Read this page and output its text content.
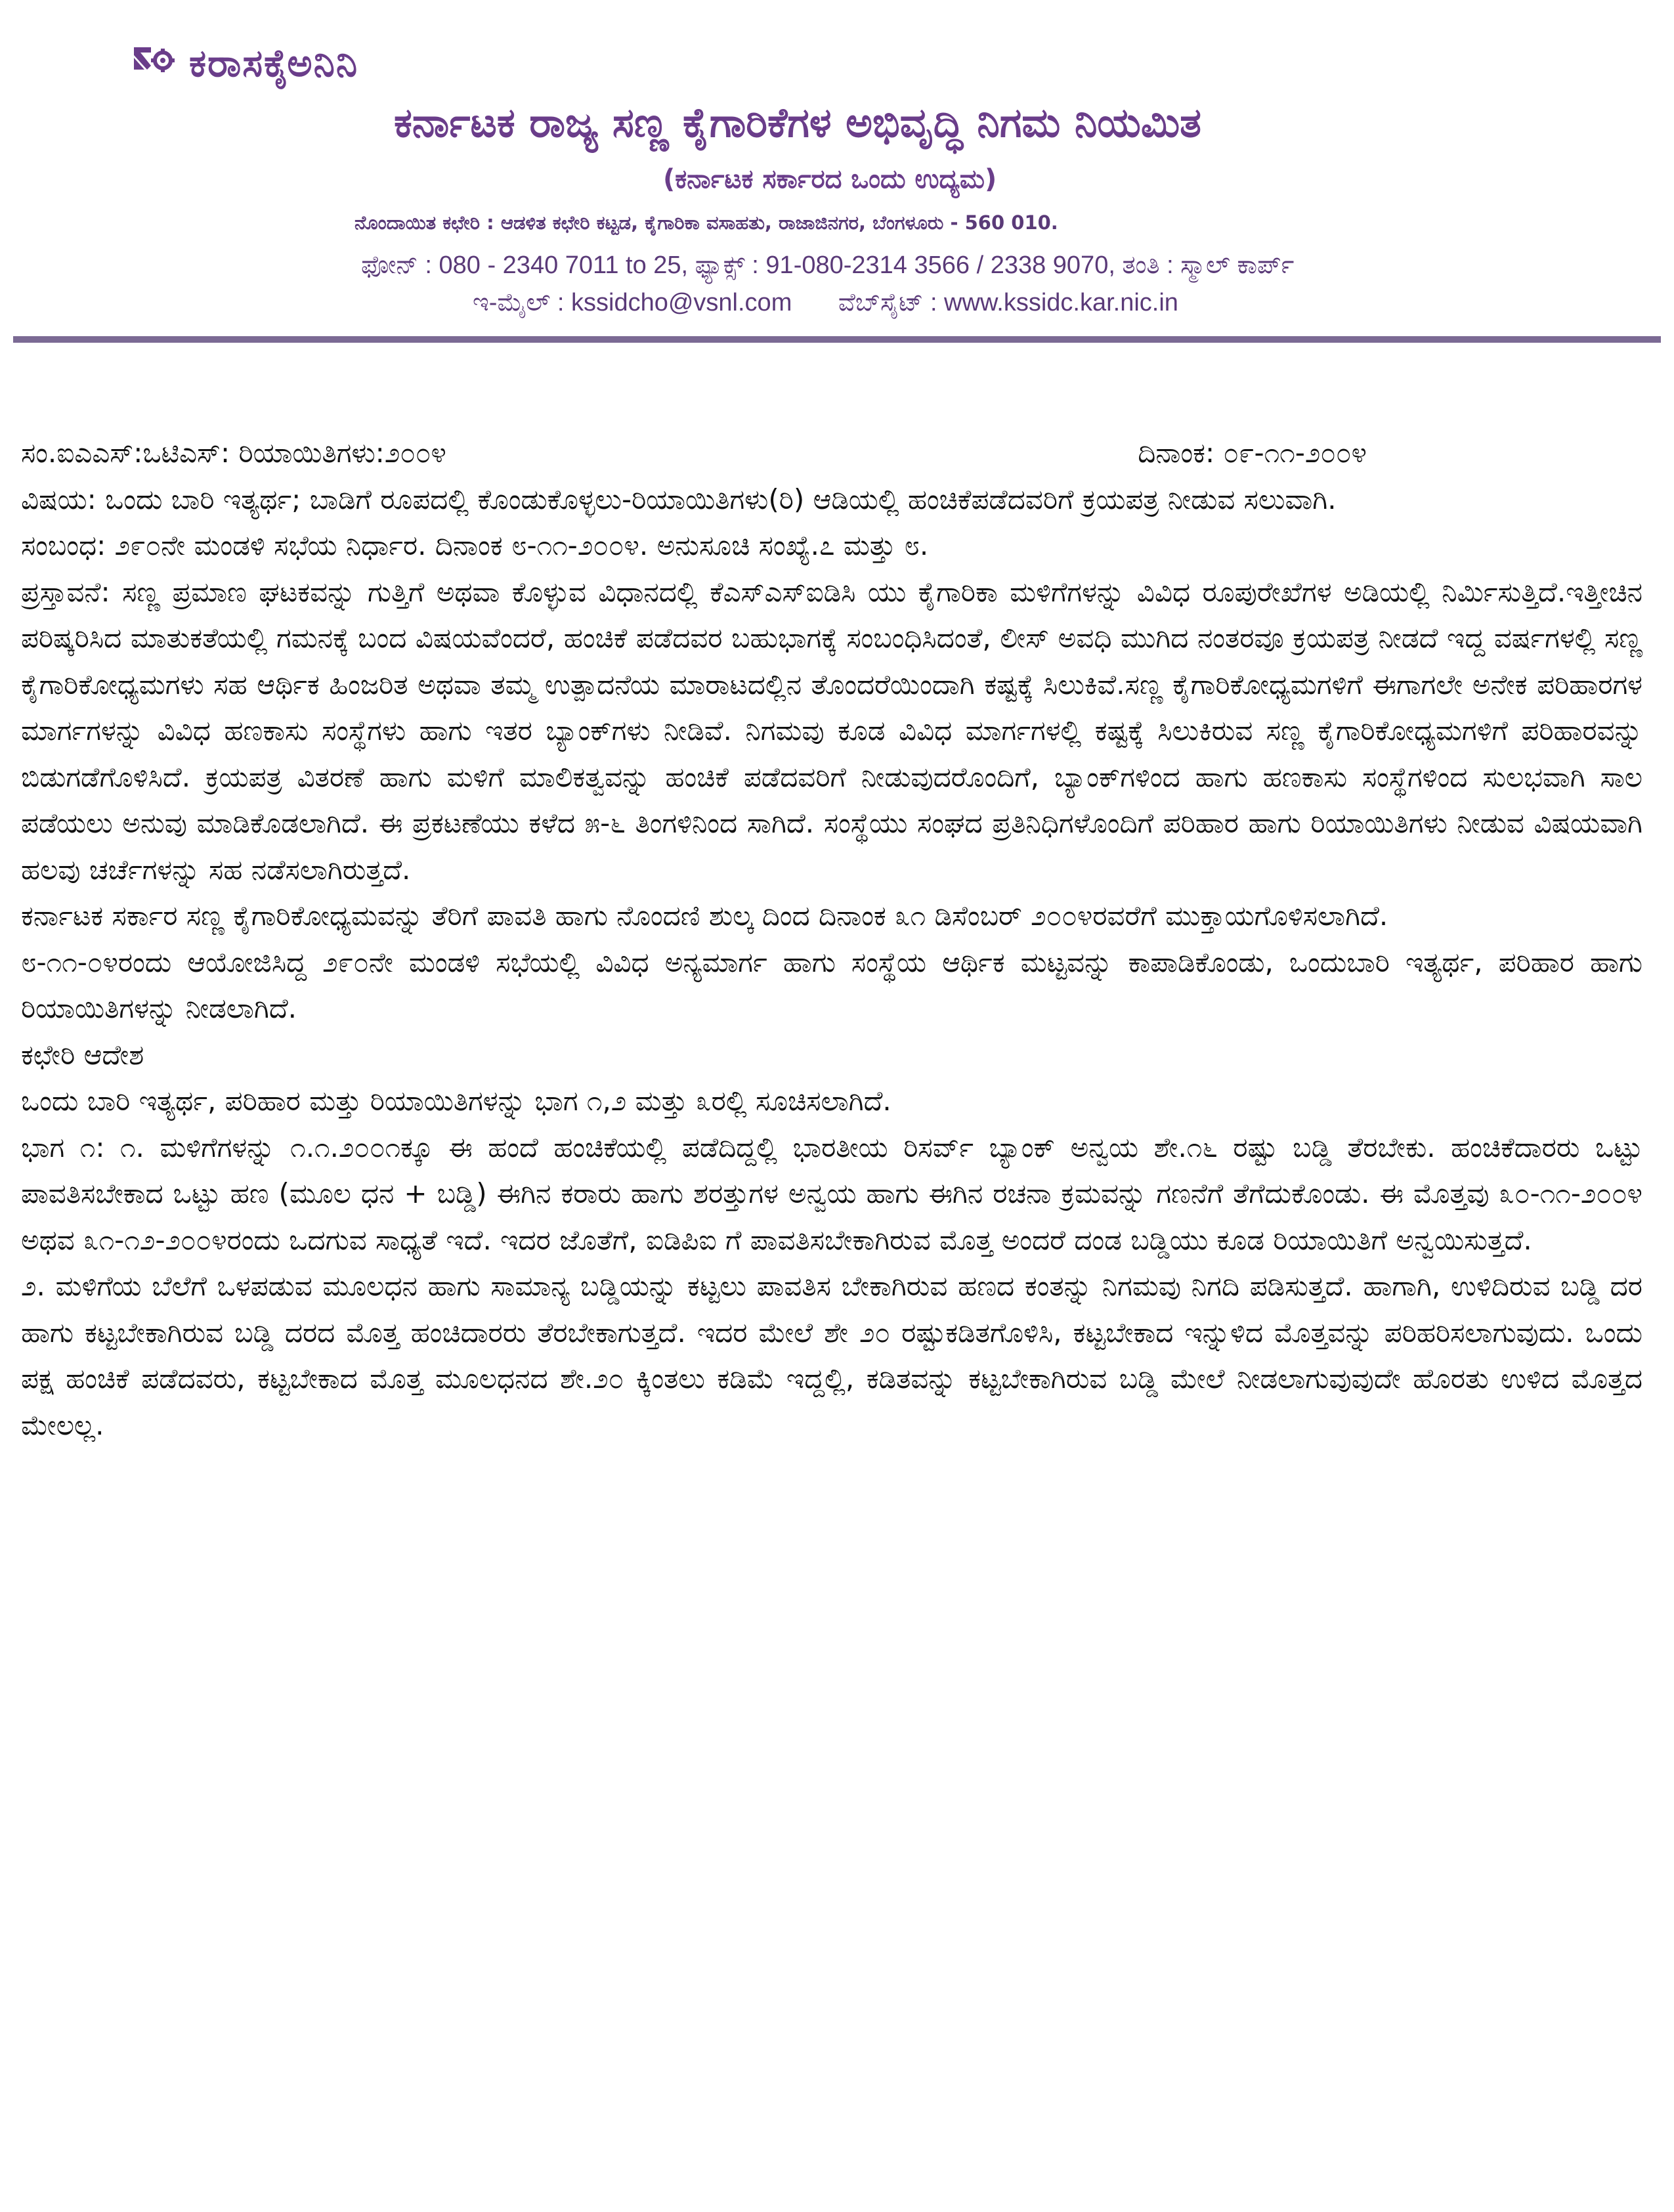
ಕರಾಸಕೈಅನಿನಿ
ಕರ್ನಾಟಕ ರಾಜ್ಯ ಸಣ್ಣ ಕೈಗಾರಿಕೆಗಳ ಅಭಿವೃದ್ಧಿ ನಿಗಮ ನಿಯಮಿತ
(ಕರ್ನಾಟಕ ಸರ್ಕಾರದ ಒಂದು ಉದ್ಯಮ)
ನೊಂದಾಯಿತ ಕಛೇರಿ : ಆಡಳಿತ ಕಛೇರಿ ಕಟ್ಟಡ, ಕೈಗಾರಿಕಾ ವಸಾಹತು, ರಾಜಾಜಿನಗರ, ಬೆಂಗಳೂರು - 560 010.
ಫೋನ್ : 080 - 2340 7011 to 25, ಫ್ಯಾಕ್ಸ್ : 91-080-2314 3566 / 2338 9070, ತಂತಿ : ಸ್ಮಾಲ್ ಕಾರ್ಪ್
ಇ-ಮೈಲ್ : kssidcho@vsnl.com ವೆಬ್‌ಸೈಟ್ : www.kssidc.kar.nic.in
ಸಂ.ಐಎಎಸ್:ಒಟಿಎಸ್: ರಿಯಾಯಿತಿಗಳು:೨೦೦೪	ದಿನಾಂಕ: ೦೯-೧೧-೨೦೦೪

ವಿಷಯ: ಒಂದು ಬಾರಿ ಇತ್ಯರ್ಥ; ಬಾಡಿಗೆ ರೂಪದಲ್ಲಿ ಕೊಂಡುಕೊಳ್ಳಲು-ರಿಯಾಯಿತಿಗಳು(ರಿ) ಆಡಿಯಲ್ಲಿ ಹಂಚಿಕೆಪಡೆದವರಿಗೆ ಕ್ರಯಪತ್ರ ನೀಡುವ ಸಲುವಾಗಿ.

ಸಂಬಂಧ: ೨೯೦ನೇ ಮಂಡಳಿ ಸಭೆಯ ನಿರ್ಧಾರ. ದಿನಾಂಕ ೮-೧೧-೨೦೦೪. ಅನುಸೂಚಿ ಸಂಖ್ಯೆ.೭ ಮತ್ತು ೮.

ಪ್ರಸ್ತಾವನೆ: ಸಣ್ಣ ಪ್ರಮಾಣ ಘಟಕವನ್ನು ಗುತ್ತಿಗೆ ಅಥವಾ ಕೊಳ್ಳುವ ವಿಧಾನದಲ್ಲಿ ಕೆಎಸ್‌ಎಸ್‌ಐಡಿಸಿ ಯು ಕೈಗಾರಿಕಾ ಮಳಿಗೆಗಳನ್ನು ವಿವಿಧ ರೂಪುರೇಖೆಗಳ ಅಡಿಯಲ್ಲಿ ನಿರ್ಮಿಸುತ್ತಿದೆ.ಇತ್ತೀಚಿನ ಪರಿಷ್ಕರಿಸಿದ ಮಾತುಕತೆಯಲ್ಲಿ ಗಮನಕ್ಕೆ ಬಂದ ವಿಷಯವೆಂದರೆ, ಹಂಚಿಕೆ ಪಡೆದವರ ಬಹುಭಾಗಕ್ಕೆ ಸಂಬಂಧಿಸಿದಂತೆ, ಲೀಸ್ ಅವಧಿ ಮುಗಿದ ನಂತರವೂ ಕ್ರಯಪತ್ರ ನೀಡದೆ ಇದ್ದ ವರ್ಷಗಳಲ್ಲಿ ಸಣ್ಣ ಕೈಗಾರಿಕೋಧ್ಯಮಗಳು ಸಹ ಆರ್ಥಿಕ ಹಿಂಜರಿತ ಅಥವಾ ತಮ್ಮ ಉತ್ಪಾದನೆಯ ಮಾರಾಟದಲ್ಲಿನ ತೊಂದರೆಯಿಂದಾಗಿ ಕಷ್ಟಕ್ಕೆ ಸಿಲುಕಿವೆ.ಸಣ್ಣ ಕೈಗಾರಿಕೋಧ್ಯಮಗಳಿಗೆ ಈಗಾಗಲೇ ಅನೇಕ ಪರಿಹಾರಗಳ ಮಾರ್ಗಗಳನ್ನು ವಿವಿಧ ಹಣಕಾಸು ಸಂಸ್ಥೆಗಳು ಹಾಗು ಇತರ ಬ್ಯಾಂಕ್‌ಗಳು ನೀಡಿವೆ. ನಿಗಮವು ಕೂಡ ವಿವಿಧ ಮಾರ್ಗಗಳಲ್ಲಿ ಕಷ್ಟಕ್ಕೆ ಸಿಲುಕಿರುವ ಸಣ್ಣ ಕೈಗಾರಿಕೋಧ್ಯಮಗಳಿಗೆ ಪರಿಹಾರವನ್ನು ಬಿಡುಗಡೆಗೊಳಿಸಿದೆ. ಕ್ರಯಪತ್ರ ವಿತರಣೆ ಹಾಗು ಮಳಿಗೆ ಮಾಲಿಕತ್ವವನ್ನು ಹಂಚಿಕೆ ಪಡೆದವರಿಗೆ ನೀಡುವುದರೊಂದಿಗೆ, ಬ್ಯಾಂಕ್‌ಗಳಿಂದ ಹಾಗು ಹಣಕಾಸು ಸಂಸ್ಥೆಗಳಿಂದ ಸುಲಭವಾಗಿ ಸಾಲ ಪಡೆಯಲು ಅನುವು ಮಾಡಿಕೊಡಲಾಗಿದೆ. ಈ ಪ್ರಕಟಣೆಯು ಕಳೆದ ೫-೬ ತಿಂಗಳಿನಿಂದ ಸಾಗಿದೆ. ಸಂಸ್ಥೆಯು ಸಂಘದ ಪ್ರತಿನಿಧಿಗಳೊಂದಿಗೆ ಪರಿಹಾರ ಹಾಗು ರಿಯಾಯಿತಿಗಳು ನೀಡುವ ವಿಷಯವಾಗಿ ಹಲವು ಚರ್ಚೆಗಳನ್ನು ಸಹ ನಡೆಸಲಾಗಿರುತ್ತದೆ.

ಕರ್ನಾಟಕ ಸರ್ಕಾರ ಸಣ್ಣ ಕೈಗಾರಿಕೋಧ್ಯಮವನ್ನು ತೆರಿಗೆ ಪಾವತಿ ಹಾಗು ನೊಂದಣಿ ಶುಲ್ಕ ದಿಂದ ದಿನಾಂಕ ೩೧ ಡಿಸೆಂಬರ್ ೨೦೦೪ರವರೆಗೆ ಮುಕ್ತಾಯಗೊಳಿಸಲಾಗಿದೆ.

೮-೧೧-೦೪ರಂದು ಆಯೋಜಿಸಿದ್ದ ೨೯೦ನೇ ಮಂಡಳಿ ಸಭೆಯಲ್ಲಿ ವಿವಿಧ ಅನ್ಯಮಾರ್ಗ ಹಾಗು ಸಂಸ್ಥೆಯ ಆರ್ಥಿಕ ಮಟ್ಟವನ್ನು ಕಾಪಾಡಿಕೊಂಡು, ಒಂದುಬಾರಿ ಇತ್ಯರ್ಥ, ಪರಿಹಾರ ಹಾಗು ರಿಯಾಯಿತಿಗಳನ್ನು ನೀಡಲಾಗಿದೆ.

ಕಛೇರಿ ಆದೇಶ

ಒಂದು ಬಾರಿ ಇತ್ಯರ್ಥ, ಪರಿಹಾರ ಮತ್ತು ರಿಯಾಯಿತಿಗಳನ್ನು ಭಾಗ ೧,೨ ಮತ್ತು ೩ರಲ್ಲಿ ಸೂಚಿಸಲಾಗಿದೆ.

ಭಾಗ ೧: ೧. ಮಳಿಗೆಗಳನ್ನು ೧.೧.೨೦೦೧ಕ್ಕೂ ಈ ಹಂದೆ ಹಂಚಿಕೆಯಲ್ಲಿ ಪಡೆದಿದ್ದಲ್ಲಿ ಭಾರತೀಯ ರಿಸರ್ವ್ ಬ್ಯಾಂಕ್ ಅನ್ವಯ ಶೇ.೧೬ ರಷ್ಟು ಬಡ್ಡಿ ತೆರಬೇಕು. ಹಂಚಿಕೆದಾರರು ಒಟ್ಟು ಪಾವತಿಸಬೇಕಾದ ಒಟ್ಟು ಹಣ (ಮೂಲ ಧನ + ಬಡ್ಡಿ) ಈಗಿನ ಕರಾರು ಹಾಗು ಶರತ್ತುಗಳ ಅನ್ವಯ ಹಾಗು ಈಗಿನ ರಚನಾ ಕ್ರಮವನ್ನು ಗಣನೆಗೆ ತೆಗೆದುಕೊಂಡು. ಈ ಮೊತ್ತವು ೩೦-೧೧-೨೦೦೪ ಅಥವ ೩೧-೧೨-೨೦೦೪ರಂದು ಒದಗುವ ಸಾಧ್ಯತೆ ಇದೆ. ಇದರ ಜೊತೆಗೆ, ಐಡಿಪಿಐ ಗೆ ಪಾವತಿಸಬೇಕಾಗಿರುವ ಮೊತ್ತ ಅಂದರೆ ದಂಡ ಬಡ್ಡಿಯು ಕೂಡ ರಿಯಾಯಿತಿಗೆ ಅನ್ವಯಿಸುತ್ತದೆ.

೨. ಮಳಿಗೆಯ ಬೆಲೆಗೆ ಒಳಪಡುವ ಮೂಲಧನ ಹಾಗು ಸಾಮಾನ್ಯ ಬಡ್ಡಿಯನ್ನು ಕಟ್ಟಲು ಪಾವತಿಸ ಬೇಕಾಗಿರುವ ಹಣದ ಕಂತನ್ನು ನಿಗಮವು ನಿಗದಿ ಪಡಿಸುತ್ತದೆ. ಹಾಗಾಗಿ, ಉಳಿದಿರುವ ಬಡ್ಡಿ ದರ ಹಾಗು ಕಟ್ಟಬೇಕಾಗಿರುವ ಬಡ್ಡಿ ದರದ ಮೊತ್ತ ಹಂಚಿದಾರರು ತೆರಬೇಕಾಗುತ್ತದೆ. ಇದರ ಮೇಲೆ ಶೇ ೨೦ ರಷ್ಟುಕಡಿತಗೊಳಿಸಿ, ಕಟ್ಟಬೇಕಾದ ಇನ್ನುಳಿದ ಮೊತ್ತವನ್ನು ಪರಿಹರಿಸಲಾಗುವುದು. ಒಂದು ಪಕ್ಷ ಹಂಚಿಕೆ ಪಡೆದವರು, ಕಟ್ಟಬೇಕಾದ ಮೊತ್ತ ಮೂಲಧನದ ಶೇ.೨೦ ಕ್ಕಿಂತಲು ಕಡಿಮೆ ಇದ್ದಲ್ಲಿ, ಕಡಿತವನ್ನು ಕಟ್ಟಬೇಕಾಗಿರುವ ಬಡ್ಡಿ ಮೇಲೆ ನೀಡಲಾಗುವುವುದೇ ಹೊರತು ಉಳಿದ ಮೊತ್ತದ ಮೇಲಲ್ಲ.
